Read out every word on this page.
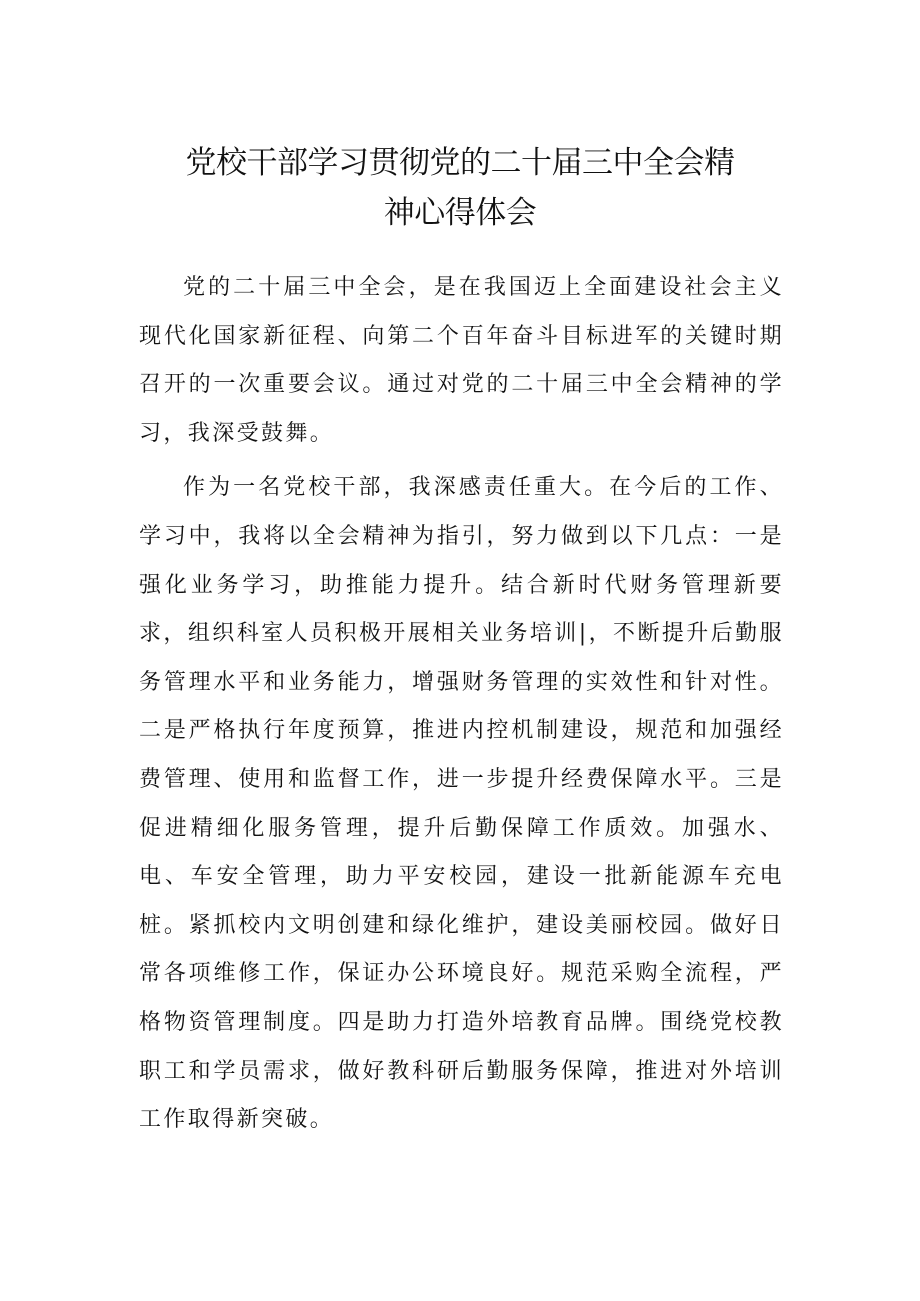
党校干部学习贯彻党的二十届三中全会精
神心得体会

党的二十届三中全会，是在我国迈上全面建设社会主义现代化国家新征程、向第二个百年奋斗目标进军的关键时期召开的一次重要会议。通过对党的二十届三中全会精神的学习，我深受鼓舞。

作为一名党校干部，我深感责任重大。在今后的工作、学习中，我将以全会精神为指引，努力做到以下几点：一是强化业务学习，助推能力提升。结合新时代财务管理新要求，组织科室人员积极开展相关业务培训|，不断提升后勤服务管理水平和业务能力，增强财务管理的实效性和针对性。二是严格执行年度预算，推进内控机制建设，规范和加强经费管理、使用和监督工作，进一步提升经费保障水平。三是促进精细化服务管理，提升后勤保障工作质效。加强水、电、车安全管理，助力平安校园，建设一批新能源车充电桩。紧抓校内文明创建和绿化维护，建设美丽校园。做好日常各项维修工作，保证办公环境良好。规范采购全流程，严格物资管理制度。四是助力打造外培教育品牌。围绕党校教职工和学员需求，做好教科研后勤服务保障，推进对外培训工作取得新突破。
